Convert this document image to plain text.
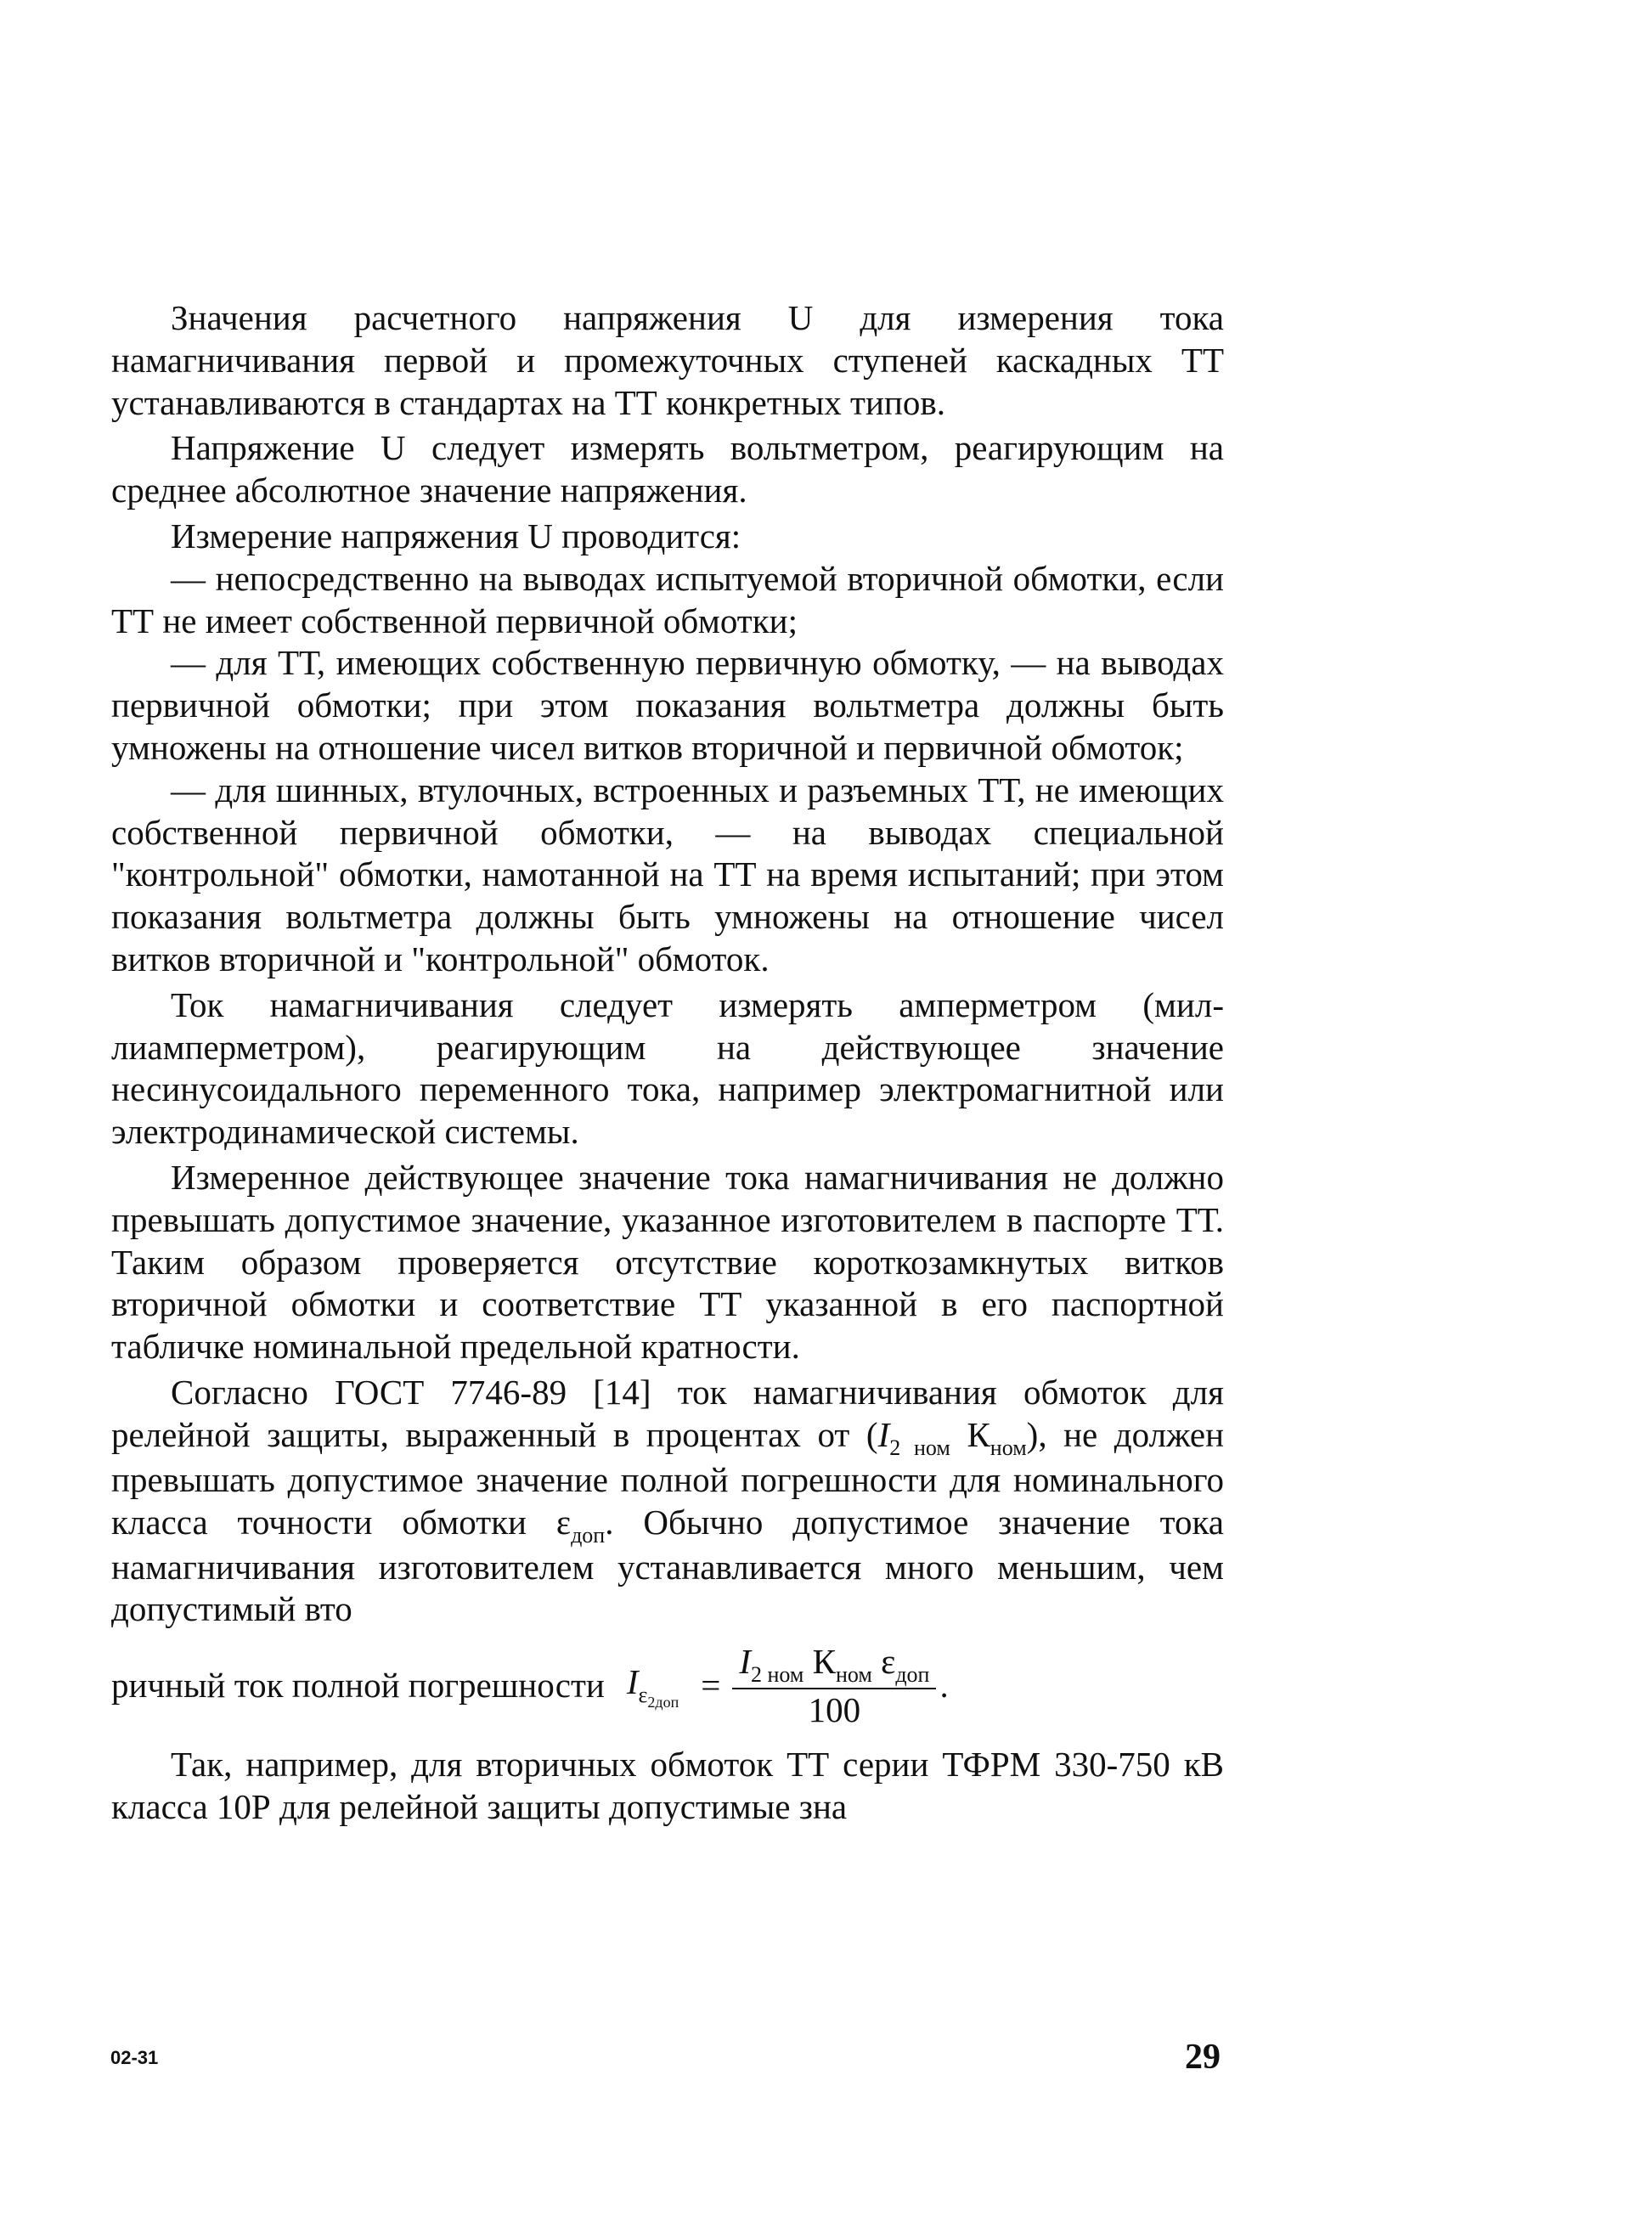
Значения расчетного напряжения U для измерения тока намагничивания первой и промежуточных ступеней каскадных ТТ устанавливаются в стандартах на ТТ конкретных типов.

Напряжение U следует измерять вольтметром, реагирующим на среднее абсолютное значение напряжения.

Измерение напряжения U проводится:

— непосредственно на выводах испытуемой вторичной обмотки, если ТТ не имеет собственной первичной обмотки;

— для ТТ, имеющих собственную первичную обмотку, — на выводах первичной обмотки; при этом показания вольтметра должны быть умножены на отношение чисел витков вторичной и первичной обмоток;

— для шинных, втулочных, встроенных и разъемных ТТ, не имеющих собственной первичной обмотки, — на выводах специальной "контрольной" обмотки, намотанной на ТТ на время испытаний; при этом показания вольтметра должны быть умножены на отношение чисел витков вторичной и "контрольной" обмоток.

Ток намагничивания следует измерять амперметром (миллиамперметром), реагирующим на действующее значение несинусоидального переменного тока, например электромагнитной или электродинамической системы.

Измеренное действующее значение тока намагничивания не должно превышать допустимое значение, указанное изготовителем в паспорте ТТ. Таким образом проверяется отсутствие короткозамкнутых витков вторичной обмотки и соответствие ТТ указанной в его паспортной табличке номинальной предельной кратности.

Согласно ГОСТ 7746-89 [14] ток намагничивания обмоток для релейной защиты, выраженный в процентах от ($I_{2 ном}$ $К_{ном}$), не должен превышать допустимое значение полной погрешности для номинального класса точности обмотки $\varepsilon_{доп}$. Обычно допустимое значение тока намагничивания изготовителем устанавливается много меньшим, чем допустимый вто

ричный ток полной погрешности $I_{\varepsilon_{2доп}} = \frac{I_{2 ном} К_{ном} \varepsilon_{доп}}{100}$ .

Так, например, для вторичных обмоток ТТ серии ТФРМ 330-750 кВ класса 10Р для релейной защиты допустимые зна

02-31	29
